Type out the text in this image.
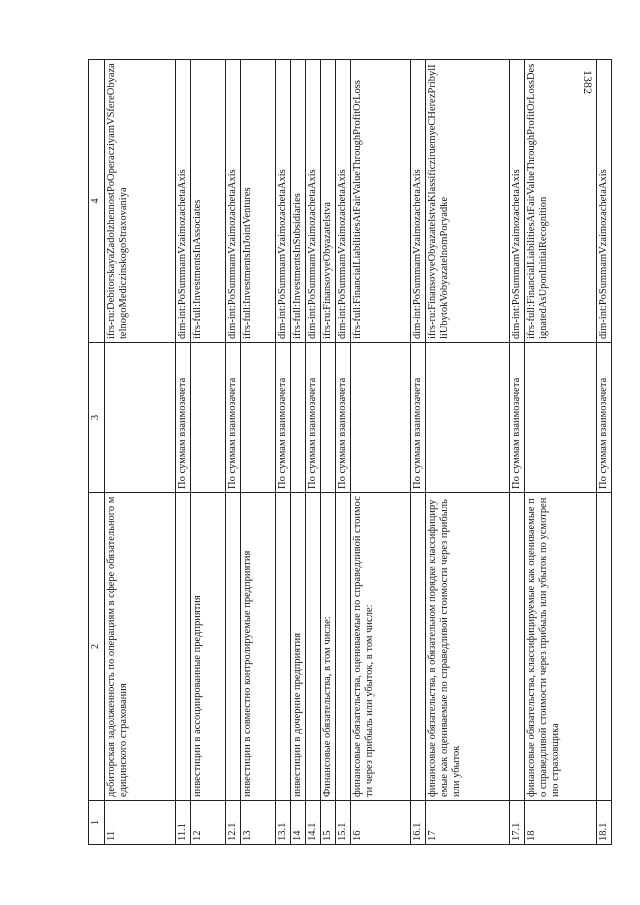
1382
1	2	3	4
11	дебиторская задолженность по операциям в сфере обязательного медицинского страхования		ifrs-ru:DebitorskayaZadolzhennostPoOperacziyamVSfereObyazatelnogoMediczinskogoStraxovaniya
11.1		По суммам взаимозачета	dim-int:PoSummamVzaimozachetaAxis
12	инвестиции в ассоциированные предприятия		ifrs-full:InvestmentsInAssociates
12.1		По суммам взаимозачета	dim-int:PoSummamVzaimozachetaAxis
13	инвестиции в совместно контролируемые предприятия		ifrs-full:InvestmentsInJointVentures
13.1		По суммам взаимозачета	dim-int:PoSummamVzaimozachetaAxis
14	инвестиции в дочерние предприятия		ifrs-full:InvestmentsInSubsidiaries
14.1		По суммам взаимозачета	dim-int:PoSummamVzaimozachetaAxis
15	Финансовые обязательства, в том числе:		ifrs-ru:FinansovyeObyazatelstva
15.1		По суммам взаимозачета	dim-int:PoSummamVzaimozachetaAxis
16	финансовые обязательства, оцениваемые по справедливой стоимости через прибыль или убыток, в том числе:		ifrs-full:FinancialLiabilitiesAtFairValueThroughProfitOrLoss
16.1		По суммам взаимозачета	dim-int:PoSummamVzaimozachetaAxis
17	финансовые обязательства, в обязательном порядке классифицируемые как оцениваемые по справедливой стоимости через прибыль или убыток		ifrs-ru:FinansovyeObyazatelstvaKlassificziruemyeCHerezPribylIliUbytokVobyazatelnomPoryadke
17.1		По суммам взаимозачета	dim-int:PoSummamVzaimozachetaAxis
18	финансовые обязательства, классифицируемые как оцениваемые по справедливой стоимости через прибыль или убыток по усмотрению страховщика		ifrs-full:FinancialLiabilitiesAtFairValueThroughProfitOrLossDesignatedAsUponInitialRecognition
18.1		По суммам взаимозачета	dim-int:PoSummamVzaimozachetaAxis
